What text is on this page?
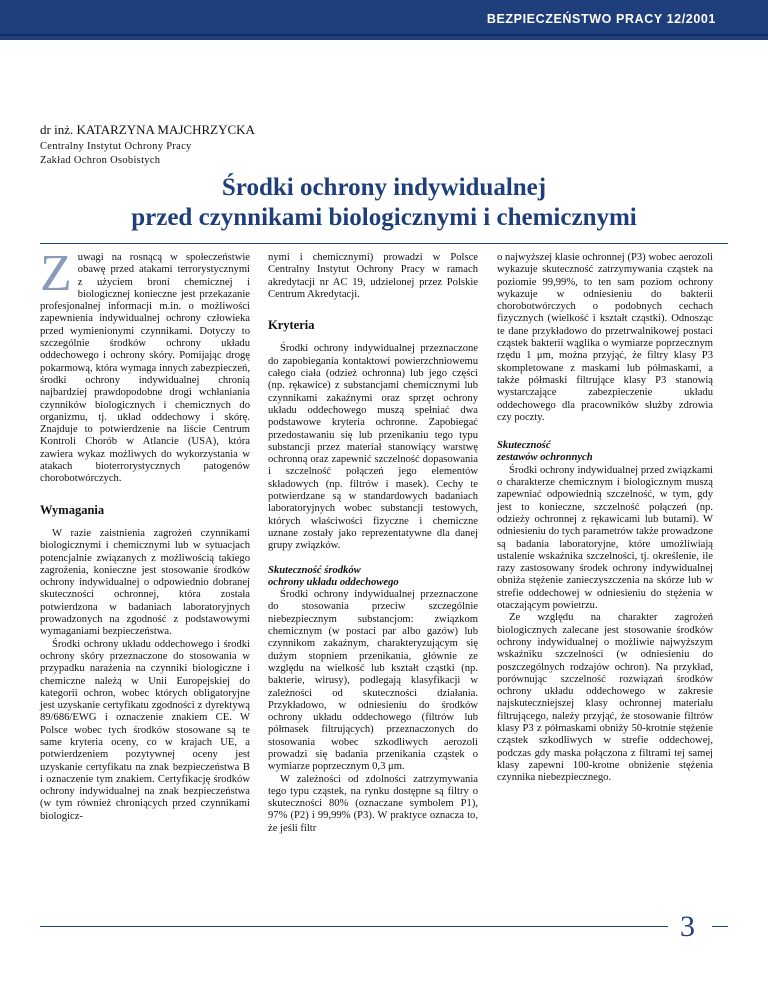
BEZPIECZEŃSTWO PRACY 12/2001
dr inż. KATARZYNA MAJCHRZYCKA
Centralny Instytut Ochrony Pracy
Zakład Ochron Osobistych
Środki ochrony indywidualnej
przed czynnikami biologicznymi i chemicznymi

Zuwagi na rosnącą w społeczeństwie obawę przed atakami terrorystycznymi z użyciem broni chemicznej i biologicznej konieczne jest przekazanie profesjonalnej informacji m.in. o możliwości zapewnienia indywidualnej ochrony człowieka przed wymienionymi czynnikami. Dotyczy to szczególnie środków ochrony układu oddechowego i ochrony skóry. Pomijając drogę pokarmową, która wymaga innych zabezpieczeń, środki ochrony indywidualnej chronią najbardziej prawdopodobne drogi wchłaniania czynników biologicznych i chemicznych do organizmu, tj. układ oddechowy i skórę. Znajduje to potwierdzenie na liście Centrum Kontroli Chorób w Atlancie (USA), która zawiera wykaz możliwych do wykorzystania w atakach bioterrorystycznych patogenów chorobotwórczych.

Wymagania

W razie zaistnienia zagrożeń czynnikami biologicznymi i chemicznymi lub w sytuacjach potencjalnie związanych z możliwością takiego zagrożenia, konieczne jest stosowanie środków ochrony indywidualnej o odpowiednio dobranej skuteczności ochronnej, która została potwierdzona w badaniach laboratoryjnych prowadzonych na zgodność z podstawowymi wymaganiami bezpieczeństwa.

Środki ochrony układu oddechowego i środki ochrony skóry przeznaczone do stosowania w przypadku narażenia na czynniki biologiczne i chemiczne należą w Unii Europejskiej do kategorii ochron, wobec których obligatoryjne jest uzyskanie certyfikatu zgodności z dyrektywą 89/686/EWG i oznaczenie znakiem CE. W Polsce wobec tych środków stosowane są te same kryteria oceny, co w krajach UE, a potwierdzeniem pozytywnej oceny jest uzyskanie certyfikatu na znak bezpieczeństwa B i oznaczenie tym znakiem. Certyfikację środków ochrony indywidualnej na znak bezpieczeństwa (w tym również chroniących przed czynnikami biologicz-

nymi i chemicznymi) prowadzi w Polsce Centralny Instytut Ochrony Pracy w ramach akredytacji nr AC 19, udzielonej przez Polskie Centrum Akredytacji.

Kryteria

Środki ochrony indywidualnej przeznaczone do zapobiegania kontaktowi powierzchniowemu całego ciała (odzież ochronna) lub jego części (np. rękawice) z substancjami chemicznymi lub czynnikami zakaźnymi oraz sprzęt ochrony układu oddechowego muszą spełniać dwa podstawowe kryteria ochronne. Zapobiegać przedostawaniu się lub przenikaniu tego typu substancji przez materiał stanowiący warstwę ochronną oraz zapewnić szczelność dopasowania i szczelność połączeń jego elementów składowych (np. filtrów i masek). Cechy te potwierdzane są w standardowych badaniach laboratoryjnych wobec substancji testowych, których właściwości fizyczne i chemiczne uznane zostały jako reprezentatywne dla danej grupy związków.

Skuteczność środków
ochrony układu oddechowego

Środki ochrony indywidualnej przeznaczone do stosowania przeciw szczególnie niebezpiecznym substancjom: związkom chemicznym (w postaci par albo gazów) lub czynnikom zakaźnym, charakteryzującym się dużym stopniem przenikania, głównie ze względu na wielkość lub kształt cząstki (np. bakterie, wirusy), podlegają klasyfikacji w zależności od skuteczności działania. Przykładowo, w odniesieniu do środków ochrony układu oddechowego (filtrów lub półmasek filtrujących) przeznaczonych do stosowania wobec szkodliwych aerozoli prowadzi się badania przenikania cząstek o wymiarze poprzecznym 0,3 μm.

W zależności od zdolności zatrzymywania tego typu cząstek, na rynku dostępne są filtry o skuteczności 80% (oznaczane symbolem P1), 97% (P2) i 99,99% (P3). W praktyce oznacza to, że jeśli filtr

o najwyższej klasie ochronnej (P3) wobec aerozoli wykazuje skuteczność zatrzymywania cząstek na poziomie 99,99%, to ten sam poziom ochrony wykazuje w odniesieniu do bakterii chorobotwórczych o podobnych cechach fizycznych (wielkość i kształt cząstki). Odnosząc te dane przykładowo do przetrwalnikowej postaci cząstek bakterii wąglika o wymiarze poprzecznym rzędu 1 μm, można przyjąć, że filtry klasy P3 skompletowane z maskami lub półmaskami, a także półmaski filtrujące klasy P3 stanowią wystarczające zabezpieczenie układu oddechowego dla pracowników służby zdrowia czy poczty.

Skuteczność
zestawów ochronnych

Środki ochrony indywidualnej przed związkami o charakterze chemicznym i biologicznym muszą zapewniać odpowiednią szczelność, w tym, gdy jest to konieczne, szczelność połączeń (np. odzieży ochronnej z rękawicami lub butami). W odniesieniu do tych parametrów także prowadzone są badania laboratoryjne, które umożliwiają ustalenie wskaźnika szczelności, tj. określenie, ile razy zastosowany środek ochrony indywidualnej obniża stężenie zanieczyszczenia na skórze lub w strefie oddechowej w odniesieniu do stężenia w otaczającym powietrzu.

Ze względu na charakter zagrożeń biologicznych zalecane jest stosowanie środków ochrony indywidualnej o możliwie najwyższym wskaźniku szczelności (w odniesieniu do poszczególnych rodzajów ochron). Na przykład, porównując szczelność rozwiązań środków ochrony układu oddechowego w zakresie najskuteczniejszej klasy ochronnej materiału filtrującego, należy przyjąć, że stosowanie filtrów klasy P3 z półmaskami obniży 50-krotnie stężenie cząstek szkodliwych w strefie oddechowej, podczas gdy maska połączona z filtrami tej samej klasy zapewni 100-krotne obniżenie stężenia czynnika niebezpiecznego.

3
